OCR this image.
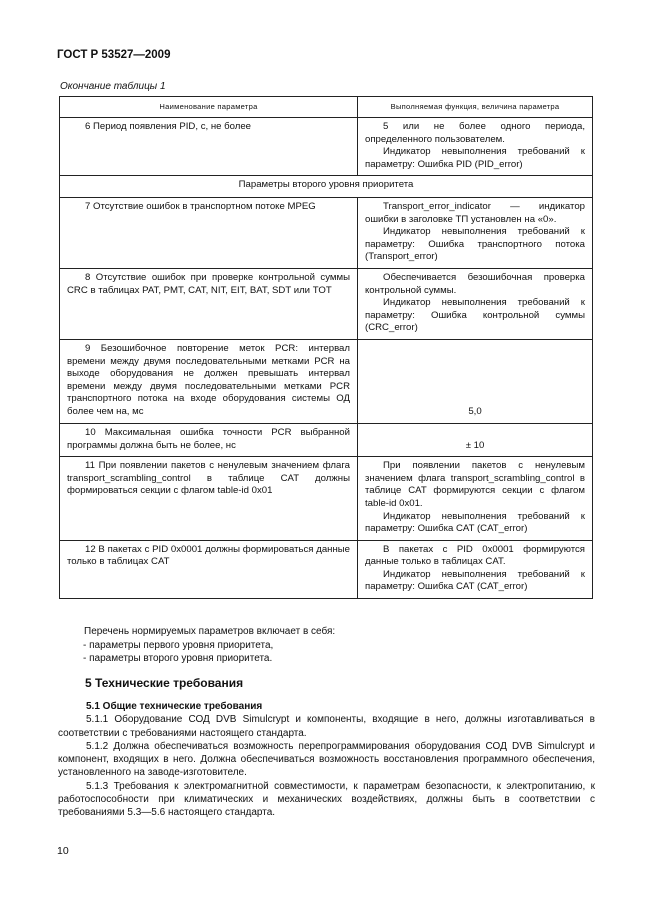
ГОСТ Р 53527—2009
Окончание таблицы 1
Наименование параметра	Выполняемая функция, величина параметра

6 Период появления PID, с, не более	5 или не более одного периода, определенного пользователем.
Индикатор невыполнения требований к параметру: Ошибка PID (PID_error)

Параметры второго уровня приоритета	

7 Отсутствие ошибок в транспортном потоке MPEG	Transport_error_indicator — индикатор ошибки в заголовке ТП установлен на «0».
Индикатор невыполнения требований к параметру: Ошибка транспортного потока (Transport_error)

8 Отсутствие ошибок при проверке контрольной суммы CRC в таблицах PAT, PMT, CAT, NIT, EIT, BAT, SDT или TOT	Обеспечивается безошибочная проверка контрольной суммы.
Индикатор невыполнения требований к параметру: Ошибка контрольной суммы (CRC_error)

9 Безошибочное повторение меток PCR: интервал времени между двумя последовательными метками PCR на выходе оборудования не должен превышать интервал времени между двумя последовательными метками PCR транспортного потока на входе оборудования системы ОД более чем на, мс	5,0

10 Максимальная ошибка точности PCR выбранной программы должна быть не более, нс	± 10

11 При появлении пакетов с ненулевым значением флага transport_scrambling_control в таблице CAT должны формироваться секции с флагом table-id 0x01	При появлении пакетов с ненулевым значением флага transport_scrambling_control в таблице CAT формируются секции с флагом table-id 0x01.
Индикатор невыполнения требований к параметру: Ошибка CAT (CAT_error)

12 В пакетах с PID 0x0001 должны формироваться данные только в таблицах CAT	В пакетах с PID 0x0001 формируются данные только в таблицах CAT.
Индикатор невыполнения требований к параметру: Ошибка CAT (CAT_error)
Перечень нормируемых параметров включает в себя:
- параметры первого уровня приоритета,
- параметры второго уровня приоритета.
5 Технические требования
5.1 Общие технические требования

5.1.1 Оборудование СОД DVB Simulcrypt и компоненты, входящие в него, должны изготавливаться в соответствии с требованиями настоящего стандарта.

5.1.2 Должна обеспечиваться возможность перепрограммирования оборудования СОД DVB Simulcrypt и компонент, входящих в него. Должна обеспечиваться возможность восстановления программного обеспечения, установленного на заводе-изготовителе.

5.1.3 Требования к электромагнитной совместимости, к параметрам безопасности, к электропитанию, к работоспособности при климатических и механических воздействиях, должны быть в соответствии с требованиями 5.3—5.6 настоящего стандарта.

10
